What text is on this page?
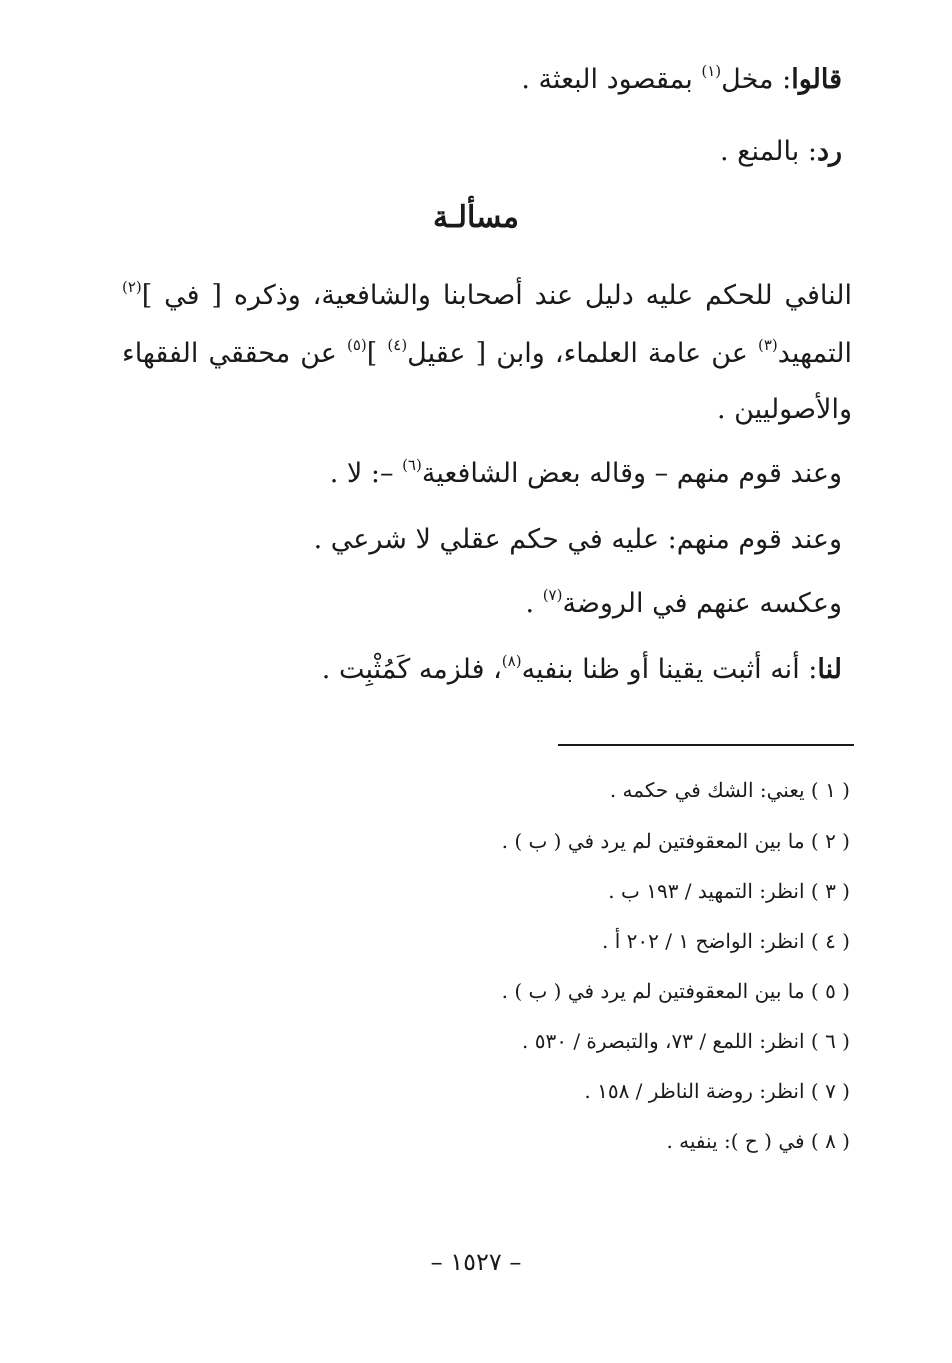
قالوا: مخل$^{(١)}$ بمقصود البعثة .
رد: بالمنع .
مسألـة
النافي للحكم عليه دليل عند أصحابنا والشافعية، وذكره [ في ]$^{(٢)}$
التمهيد$^{(٣)}$ عن عامة العلماء، وابن [ عقيل$^{(٤)}$ ]$^{(٥)}$ عن محققي الفقهاء
والأصوليين .
وعند قوم منهم – وقاله بعض الشافعية$^{(٦)}$ –: لا .
وعند قوم منهم: عليه في حكم عقلي لا شرعي .
وعكسه عنهم في الروضة$^{(٧)}$ .
لنا: أنه أثبت يقينا أو ظنا بنفيه$^{(٨)}$، فلزمه كَمُثْبِت .
( ١ ) يعني: الشك في حكمه .
( ٢ ) ما بين المعقوفتين لم يرد في ( ب ) .
( ٣ ) انظر: التمهيد / ١٩٣ ب .
( ٤ ) انظر: الواضح ١ / ٢٠٢ أ .
( ٥ ) ما بين المعقوفتين لم يرد في ( ب ) .
( ٦ ) انظر: اللمع / ٧٣، والتبصرة / ٥٣٠ .
( ٧ ) انظر: روضة الناظر / ١٥٨ .
( ٨ ) في ( ح ): ينفيه .
– ١٥٢٧ –
